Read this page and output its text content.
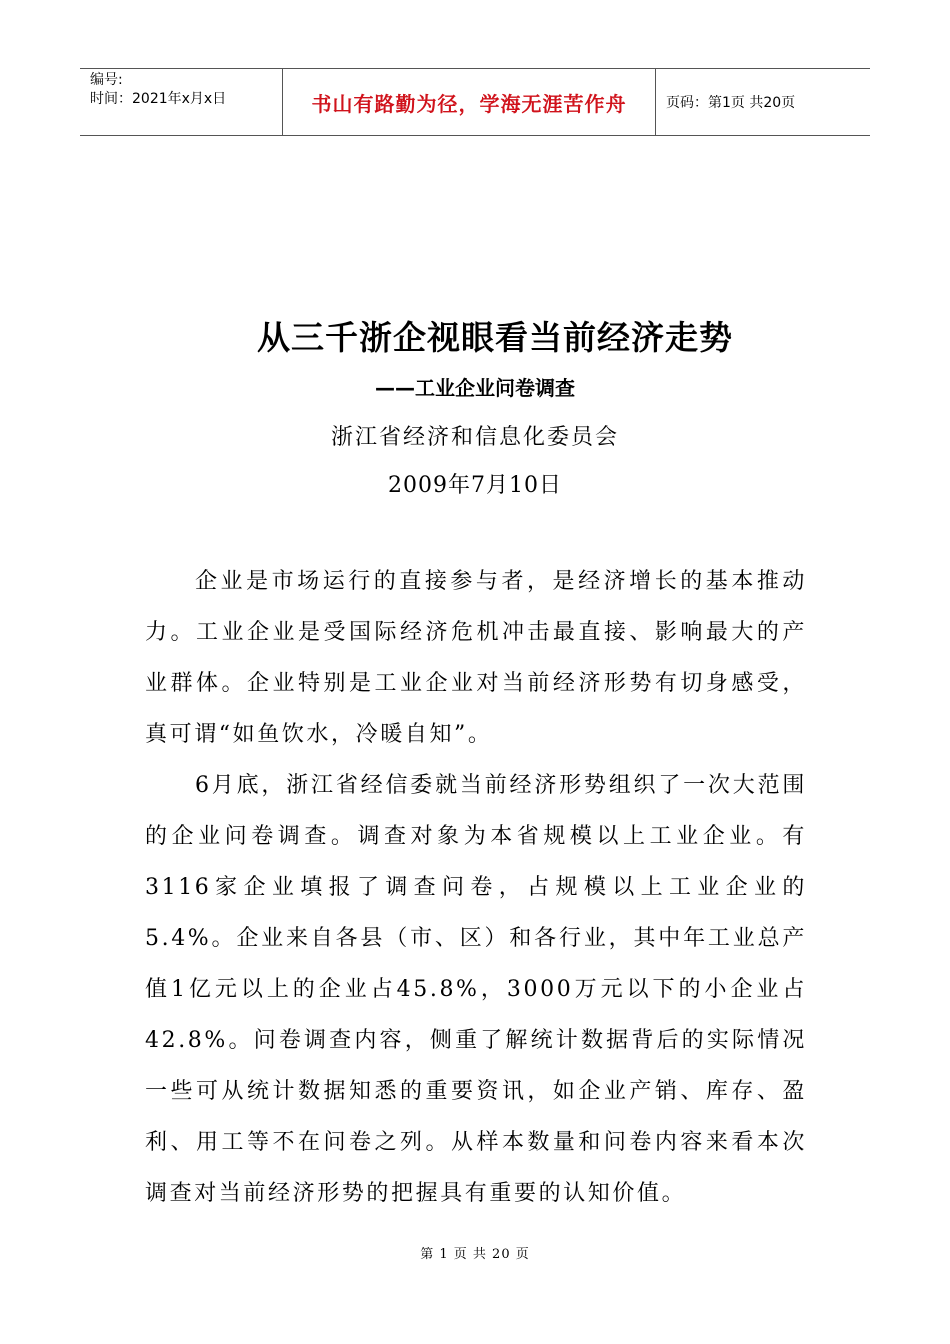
编号:
时间：2021年x月x日	书山有路勤为径，学海无涯苦作舟	页码：第1页 共20页
从三千浙企视眼看当前经济走势
——工业企业问卷调查
浙江省经济和信息化委员会
2009年7月10日

企业是市场运行的直接参与者，是经济增长的基本推动力。工业企业是受国际经济危机冲击最直接、影响最大的产业群体。企业特别是工业企业对当前经济形势有切身感受，真可谓“如鱼饮水，冷暖自知”。

6月底，浙江省经信委就当前经济形势组织了一次大范围的企业问卷调查。调查对象为本省规模以上工业企业。有3116家企业填报了调查问卷，占规模以上工业企业的5.4%。企业来自各县（市、区）和各行业，其中年工业总产值1亿元以上的企业占45.8%，3000万元以下的小企业占42.8%。问卷调查内容，侧重了解统计数据背后的实际情况一些可从统计数据知悉的重要资讯，如企业产销、库存、盈利、用工等不在问卷之列。从样本数量和问卷内容来看本次调查对当前经济形势的把握具有重要的认知价值。

第 1 页 共 20 页
